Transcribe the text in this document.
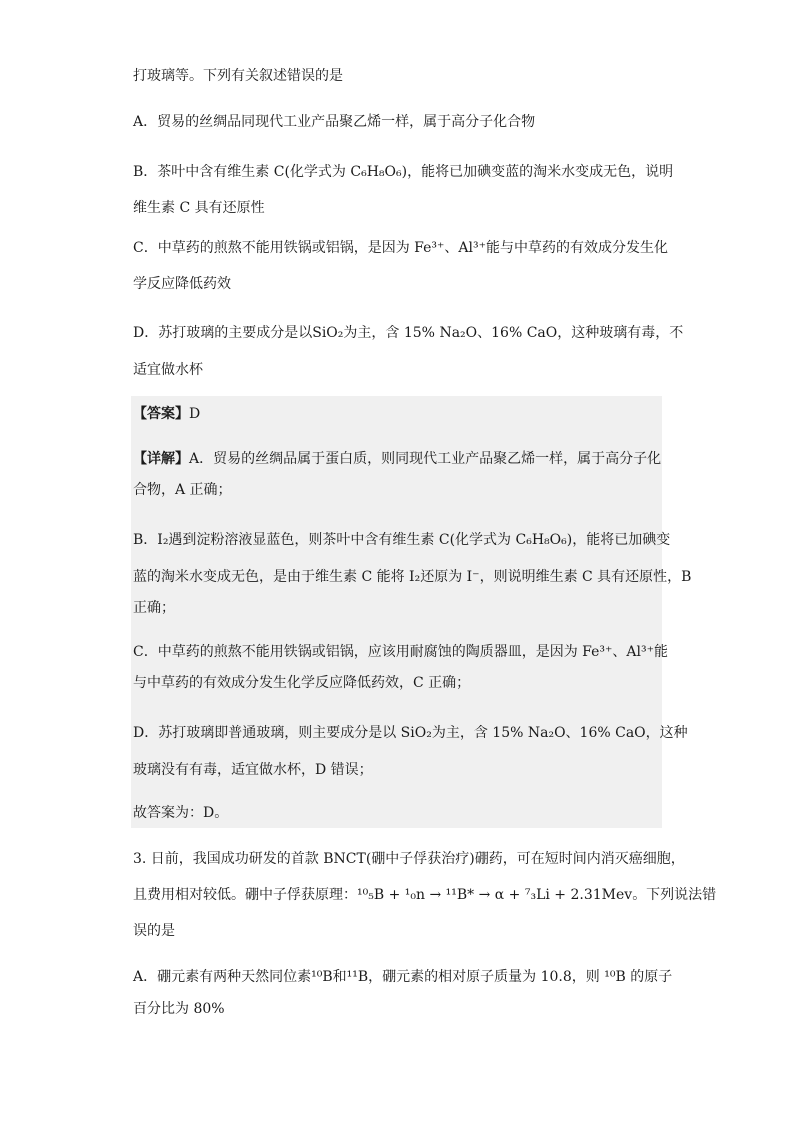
打玻璃等。下列有关叙述错误的是
A．贸易的丝绸品同现代工业产品聚乙烯一样，属于高分子化合物
B．茶叶中含有维生素 C(化学式为 C₆H₈O₆)，能将已加碘变蓝的淘米水变成无色，说明
维生素 C 具有还原性
C．中草药的煎熬不能用铁锅或铝锅，是因为 Fe³⁺、Al³⁺能与中草药的有效成分发生化
学反应降低药效
D．苏打玻璃的主要成分是以SiO₂为主，含 15% Na₂O、16% CaO，这种玻璃有毒，不
适宜做水杯
【答案】D
【详解】A．贸易的丝绸品属于蛋白质，则同现代工业产品聚乙烯一样，属于高分子化
合物，A 正确；
B．I₂遇到淀粉溶液显蓝色，则茶叶中含有维生素 C(化学式为 C₆H₈O₆)，能将已加碘变
蓝的淘米水变成无色，是由于维生素 C 能将 I₂还原为 I⁻，则说明维生素 C 具有还原性，B
正确；
C．中草药的煎熬不能用铁锅或铝锅，应该用耐腐蚀的陶质器皿，是因为 Fe³⁺、Al³⁺能
与中草药的有效成分发生化学反应降低药效，C 正确；
D．苏打玻璃即普通玻璃，则主要成分是以 SiO₂为主，含 15% Na₂O、16% CaO，这种
玻璃没有有毒，适宜做水杯，D 错误；
故答案为：D。
3. 日前，我国成功研发的首款 BNCT(硼中子俘获治疗)硼药，可在短时间内消灭癌细胞，
且费用相对较低。硼中子俘获原理：¹⁰₅B + ¹₀n → ¹¹B* → α + ⁷₃Li + 2.31Mev。下列说法错
误的是
A．硼元素有两种天然同位素¹⁰B和¹¹B，硼元素的相对原子质量为 10.8，则 ¹⁰B 的原子
百分比为 80%
